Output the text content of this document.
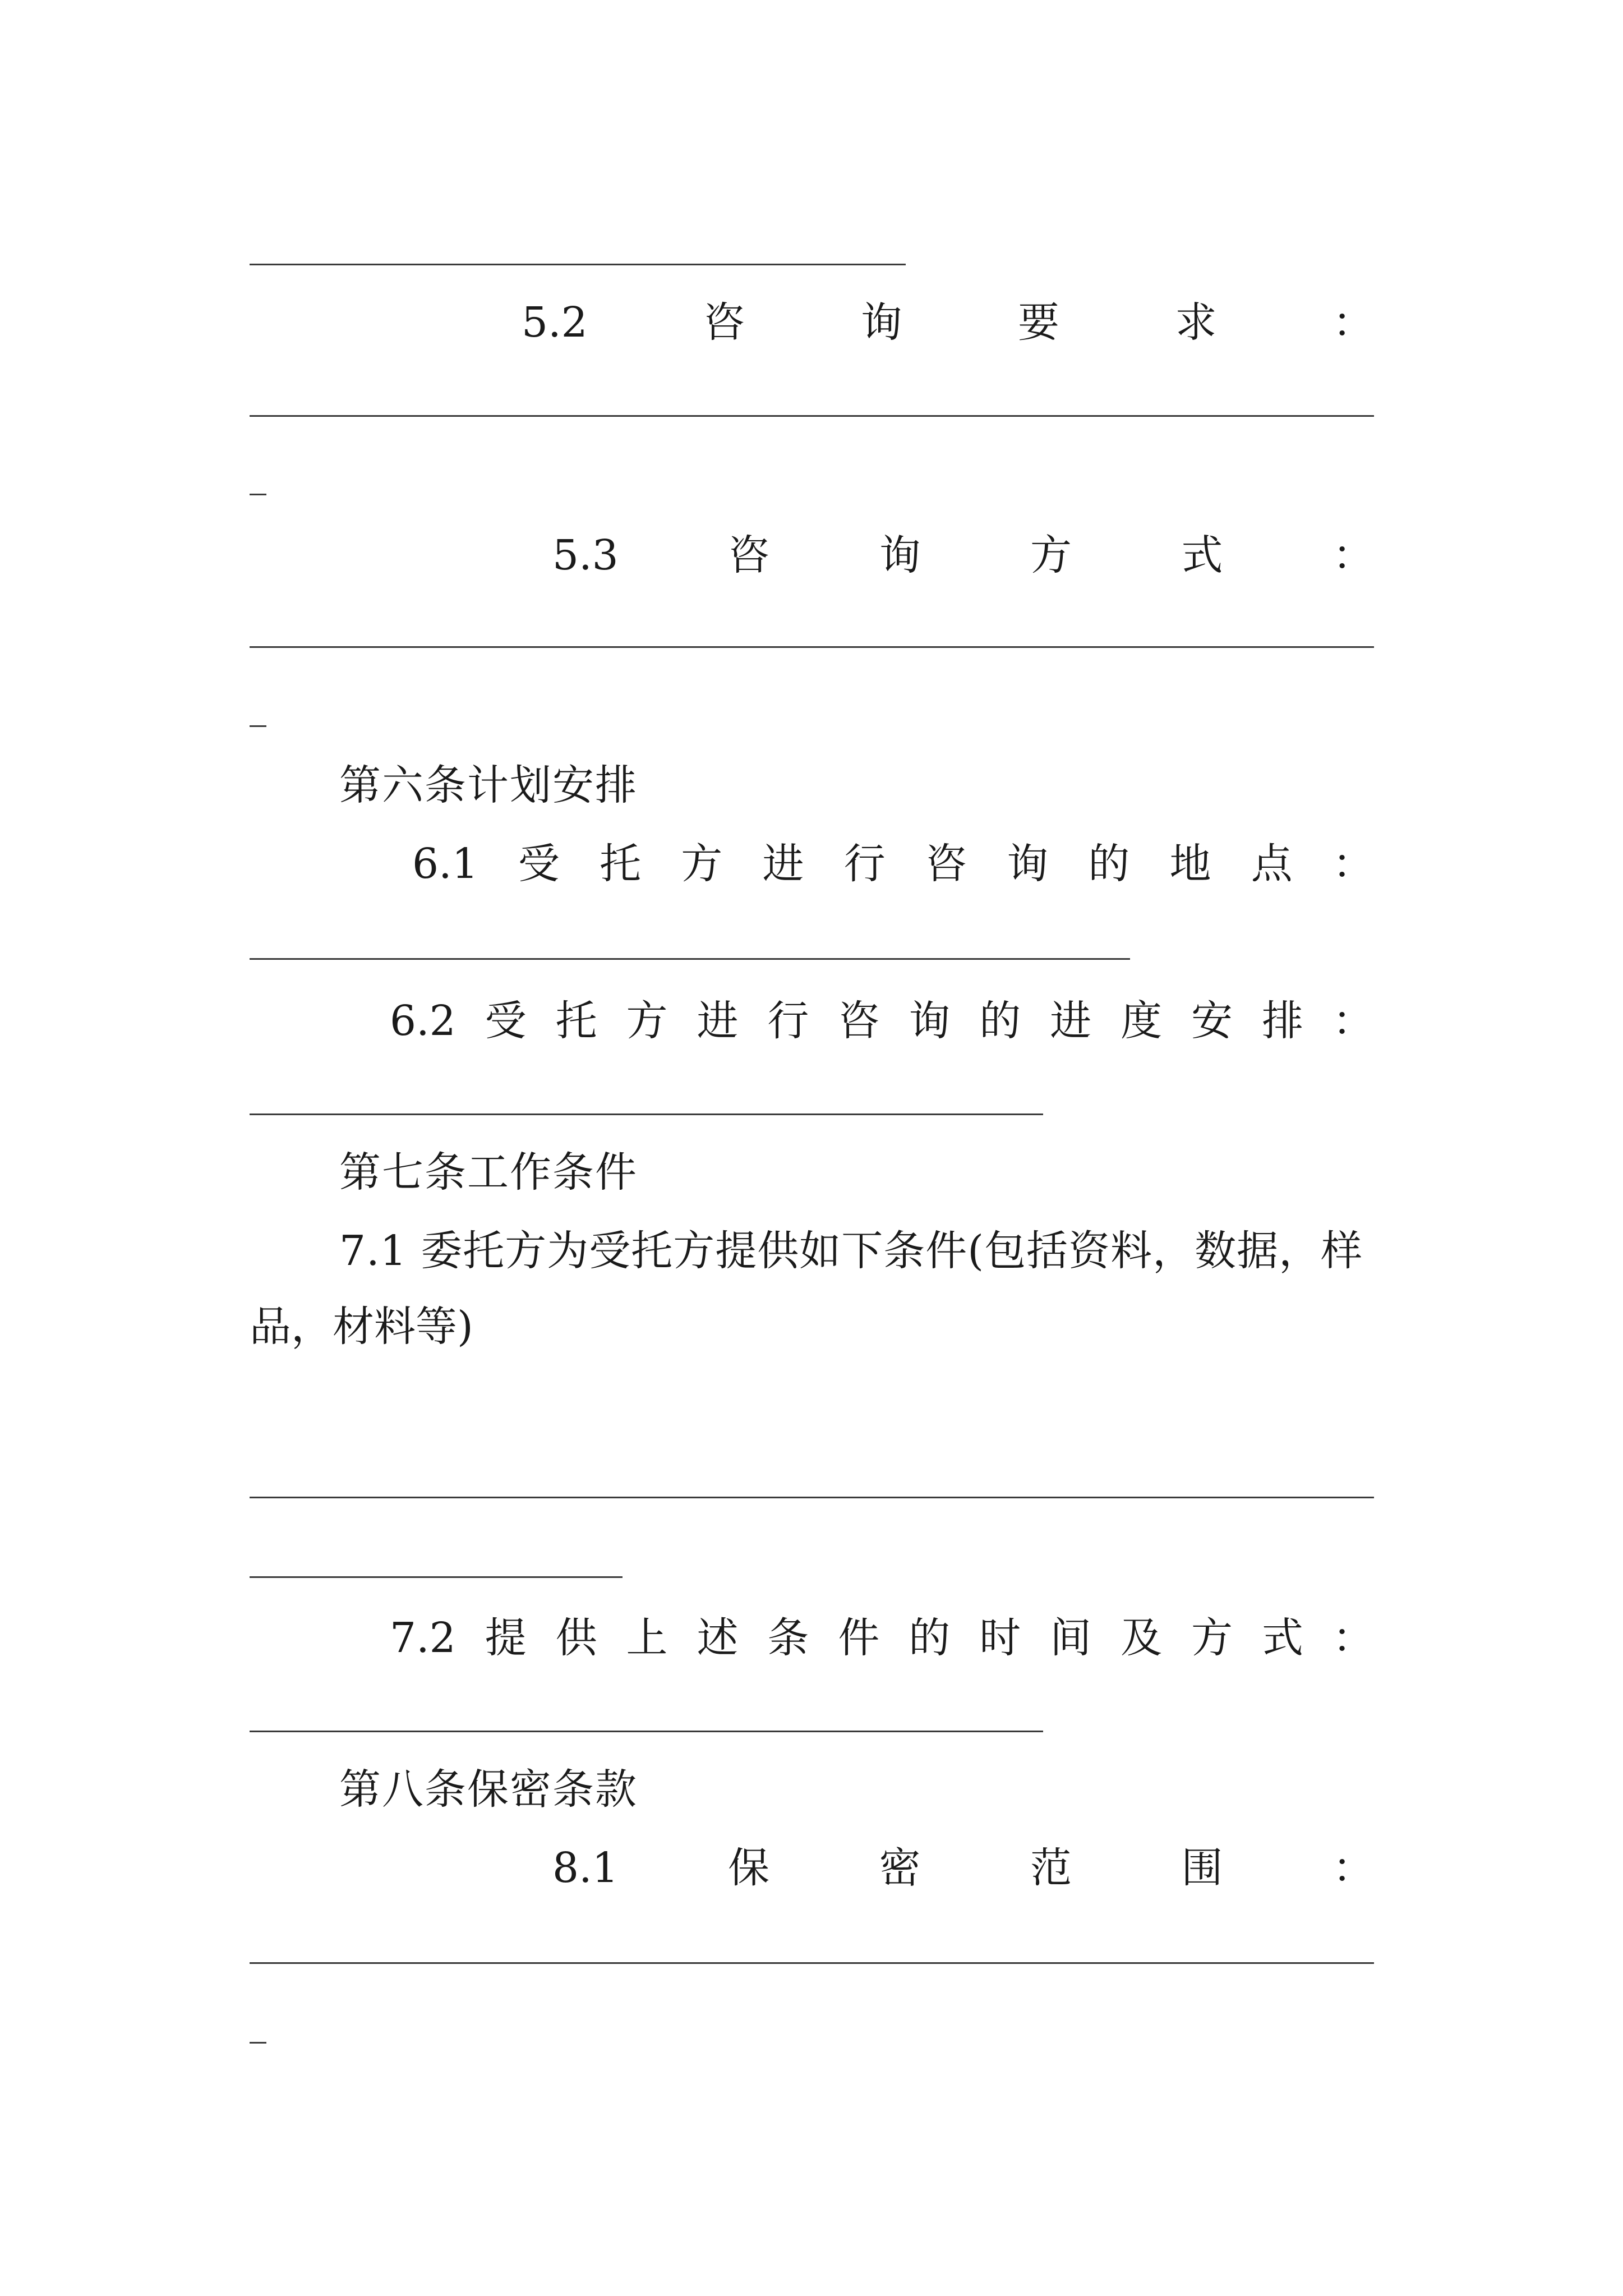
5.2	咨	询	要	求	：
5.3	咨	询	方	式	：
第六条计划安排
6.1 受 托 方 进 行 咨 询 的 地 点 ：
6.2 受 托 方 进 行 咨 询 的 进 度 安 排 ：
第七条工作条件
7.1 委托方为受托方提供如下条件(包括资料，数据，样
品，材料等)
7.2 提 供 上 述 条 件 的 时 间 及 方 式 ：
第八条保密条款
8.1	保	密	范	围	：
